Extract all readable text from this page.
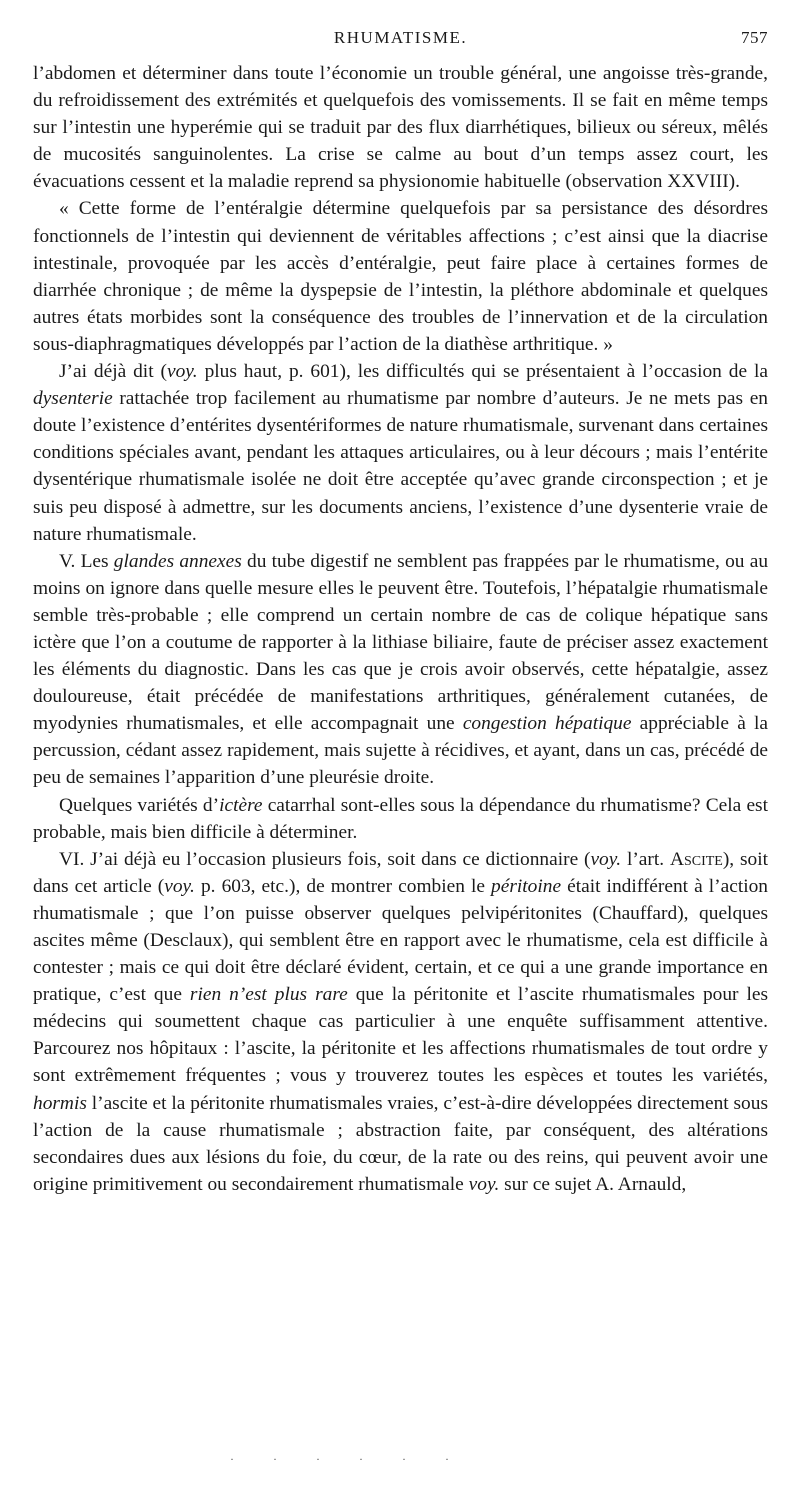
RHUMATISME.	757

l’abdomen et déterminer dans toute l’économie un trouble général, une angoisse très-grande, du refroidissement des extrémités et quelquefois des vomissements. Il se fait en même temps sur l’intestin une hyperémie qui se traduit par des flux diarrhétiques, bilieux ou séreux, mêlés de mucosités sanguinolentes. La crise se calme au bout d’un temps assez court, les évacuations cessent et la maladie reprend sa physionomie habituelle (observation XXVIII).

« Cette forme de l’entéralgie détermine quelquefois par sa persistance des désordres fonctionnels de l’intestin qui deviennent de véritables affections ; c’est ainsi que la diacrise intestinale, provoquée par les accès d’entéralgie, peut faire place à certaines formes de diarrhée chronique ; de même la dyspepsie de l’intestin, la pléthore abdominale et quelques autres états morbides sont la conséquence des troubles de l’innervation et de la circulation sous-diaphragmatiques développés par l’action de la diathèse arthritique. »

J’ai déjà dit (voy. plus haut, p. 601), les difficultés qui se présentaient à l’occasion de la dysenterie rattachée trop facilement au rhumatisme par nombre d’auteurs. Je ne mets pas en doute l’existence d’entérites dysentériformes de nature rhumatismale, survenant dans certaines conditions spéciales avant, pendant les attaques articulaires, ou à leur décours ; mais l’entérite dysentérique rhumatismale isolée ne doit être acceptée qu’avec grande circonspection ; et je suis peu disposé à admettre, sur les documents anciens, l’existence d’une dysenterie vraie de nature rhumatismale.

V. Les glandes annexes du tube digestif ne semblent pas frappées par le rhumatisme, ou au moins on ignore dans quelle mesure elles le peuvent être. Toutefois, l’hépatalgie rhumatismale semble très-probable ; elle comprend un certain nombre de cas de colique hépatique sans ictère que l’on a coutume de rapporter à la lithiase biliaire, faute de préciser assez exactement les éléments du diagnostic. Dans les cas que je crois avoir observés, cette hépatalgie, assez douloureuse, était précédée de manifestations arthritiques, généralement cutanées, de myodynies rhumatismales, et elle accompagnait une congestion hépatique appréciable à la percussion, cédant assez rapidement, mais sujette à récidives, et ayant, dans un cas, précédé de peu de semaines l’apparition d’une pleurésie droite.

Quelques variétés d’ictère catarrhal sont-elles sous la dépendance du rhumatisme? Cela est probable, mais bien difficile à déterminer.

VI. J’ai déjà eu l’occasion plusieurs fois, soit dans ce dictionnaire (voy. l’art. Ascite), soit dans cet article (voy. p. 603, etc.), de montrer combien le péritoine était indifférent à l’action rhumatismale ; que l’on puisse observer quelques pelvipéritonites (Chauffard), quelques ascites même (Desclaux), qui semblent être en rapport avec le rhumatisme, cela est difficile à contester ; mais ce qui doit être déclaré évident, certain, et ce qui a une grande importance en pratique, c’est que rien n’est plus rare que la péritonite et l’ascite rhumatismales pour les médecins qui soumettent chaque cas particulier à une enquête suffisamment attentive. Parcourez nos hôpitaux : l’ascite, la péritonite et les affections rhumatismales de tout ordre y sont extrêmement fréquentes ; vous y trouverez toutes les espèces et toutes les variétés, hormis l’ascite et la péritonite rhumatismales vraies, c’est-à-dire développées directement sous l’action de la cause rhumatismale ; abstraction faite, par conséquent, des altérations secondaires dues aux lésions du foie, du cœur, de la rate ou des reins, qui peuvent avoir une origine primitivement ou secondairement rhumatismale voy. sur ce sujet A. Arnauld,

· · · · · ·
